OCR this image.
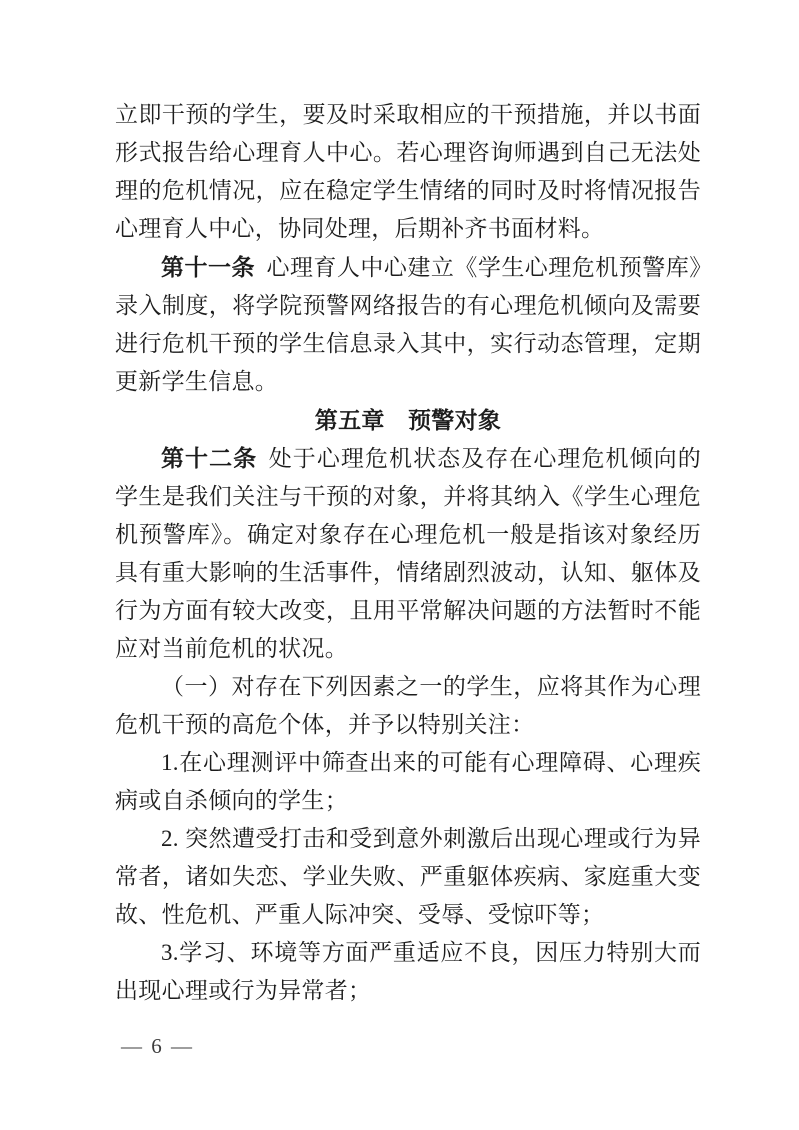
立即干预的学生，要及时采取相应的干预措施，并以书面形式报告给心理育人中心。若心理咨询师遇到自己无法处理的危机情况，应在稳定学生情绪的同时及时将情况报告心理育人中心，协同处理，后期补齐书面材料。

第十一条 心理育人中心建立《学生心理危机预警库》录入制度，将学院预警网络报告的有心理危机倾向及需要进行危机干预的学生信息录入其中，实行动态管理，定期更新学生信息。

第五章　预警对象

第十二条 处于心理危机状态及存在心理危机倾向的学生是我们关注与干预的对象，并将其纳入《学生心理危机预警库》。确定对象存在心理危机一般是指该对象经历具有重大影响的生活事件，情绪剧烈波动，认知、躯体及行为方面有较大改变，且用平常解决问题的方法暂时不能应对当前危机的状况。

（一）对存在下列因素之一的学生，应将其作为心理危机干预的高危个体，并予以特别关注：

1.在心理测评中筛查出来的可能有心理障碍、心理疾病或自杀倾向的学生；

2. 突然遭受打击和受到意外刺激后出现心理或行为异常者，诸如失恋、学业失败、严重躯体疾病、家庭重大变故、性危机、严重人际冲突、受辱、受惊吓等；

3.学习、环境等方面严重适应不良，因压力特别大而出现心理或行为异常者；

— 6 —
